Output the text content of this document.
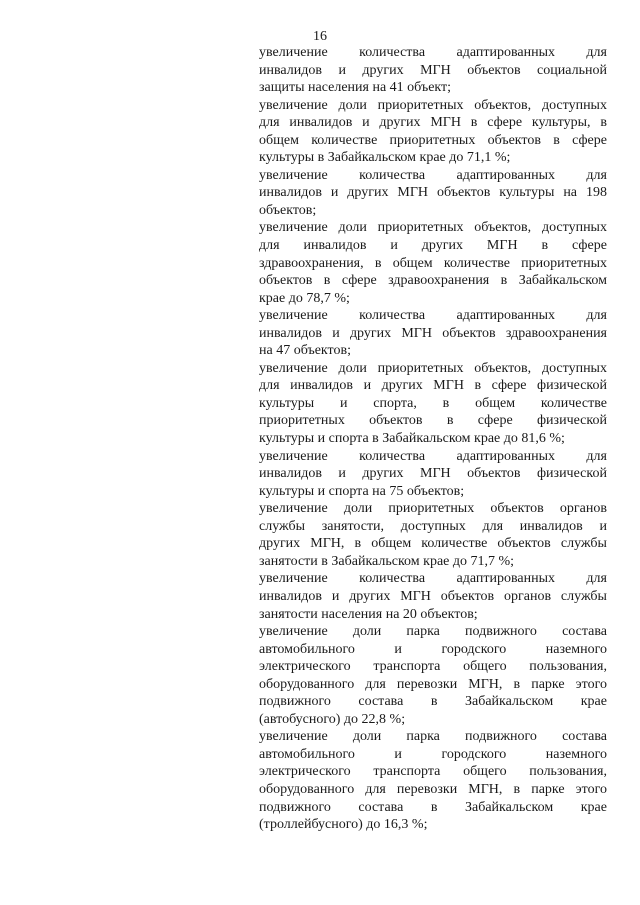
16

увеличение количества адаптированных для
инвалидов и других МГН объектов социальной
защиты населения на 41 объект;

увеличение доли приоритетных объектов, доступных
для инвалидов и других МГН в сфере культуры, в
общем количестве приоритетных объектов в сфере
культуры в Забайкальском крае до 71,1 %;

увеличение количества адаптированных для
инвалидов и других МГН объектов культуры на 198
объектов;

увеличение доли приоритетных объектов, доступных
для инвалидов и других МГН в сфере
здравоохранения, в общем количестве приоритетных
объектов в сфере здравоохранения в Забайкальском
крае до 78,7 %;

увеличение количества адаптированных для
инвалидов и других МГН объектов здравоохранения
на 47 объектов;

увеличение доли приоритетных объектов, доступных
для инвалидов и других МГН в сфере физической
культуры и спорта, в общем количестве
приоритетных объектов в сфере физической
культуры и спорта в Забайкальском крае до 81,6 %;

увеличение количества адаптированных для
инвалидов и других МГН объектов физической
культуры и спорта на 75 объектов;

увеличение доли приоритетных объектов органов
службы занятости, доступных для инвалидов и
других МГН, в общем количестве объектов службы
занятости в Забайкальском крае до 71,7 %;

увеличение количества адаптированных для
инвалидов и других МГН объектов органов службы
занятости населения на 20 объектов;

увеличение доли парка подвижного состава
автомобильного	и	городского	наземного
электрического транспорта общего пользования,
оборудованного для перевозки МГН, в парке этого
подвижного состава в Забайкальском крае
(автобусного) до 22,8 %;

увеличение доли парка подвижного состава
автомобильного	и	городского	наземного
электрического транспорта общего пользования,
оборудованного для перевозки МГН, в парке этого
подвижного состава в Забайкальском крае
(троллейбусного) до 16,3 %;
